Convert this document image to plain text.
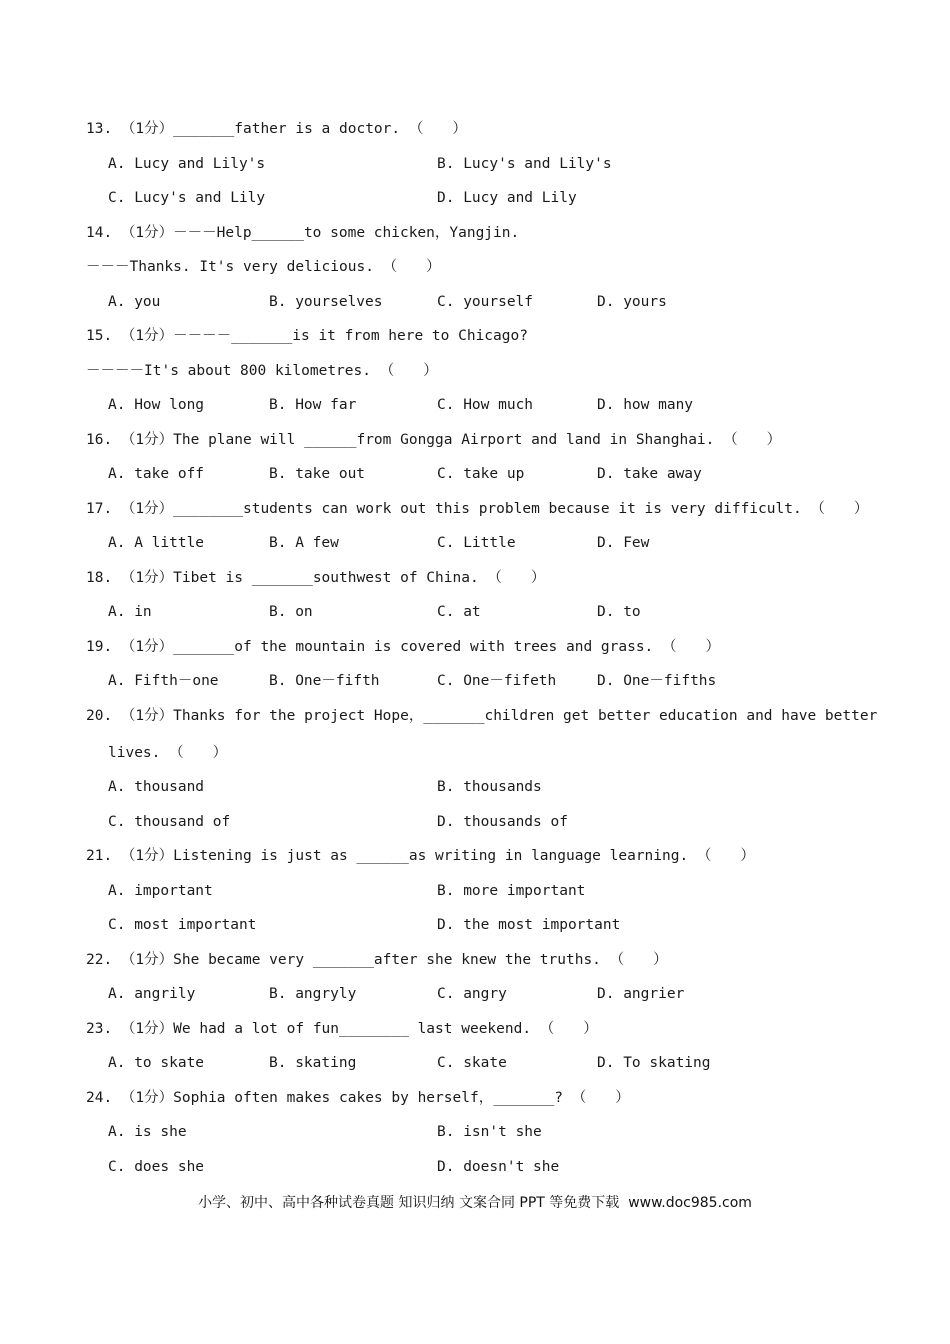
13. （1分）_______father is a doctor. （　　）
A. Lucy and Lily's	B. Lucy's and Lily's
C. Lucy's and Lily	D. Lucy and Lily
14. （1分）－－－Help______to some chicken，Yangjin.
－－－Thanks. It's very delicious. （　　）
A. you	B. yourselves	C. yourself	D. yours
15. （1分）－－－－_______is it from here to Chicago?
－－－－It's about 800 kilometres. （　　）
A. How long	B. How far	C. How much	D. how many
16. （1分）The plane will ______from Gongga Airport and land in Shanghai. （　　）
A. take off	B. take out	C. take up	D. take away
17. （1分）________students can work out this problem because it is very difficult. （　　）
A. A little	B. A few	C. Little	D. Few
18. （1分）Tibet is _______southwest of China. （　　）
A. in	B. on	C. at	D. to
19. （1分）_______of the mountain is covered with trees and grass. （　　）
A. Fifth－one	B. One－fifth	C. One－fifeth	D. One－fifths
20. （1分）Thanks for the project Hope，_______children get better education and have better
lives. （　　）
A. thousand	B. thousands
C. thousand of	D. thousands of
21. （1分）Listening is just as ______as writing in language learning. （　　）
A. important	B. more important
C. most important	D. the most important
22. （1分）She became very _______after she knew the truths. （　　）
A. angrily	B. angryly	C. angry	D. angrier
23. （1分）We had a lot of fun________ last weekend. （　　）
A. to skate	B. skating	C. skate	D. To skating
24. （1分）Sophia often makes cakes by herself，_______? （　　）
A. is she	B. isn't she
C. does she	D. doesn't she
小学、初中、高中各种试卷真题 知识归纳 文案合同 PPT 等免费下载  www.doc985.com
